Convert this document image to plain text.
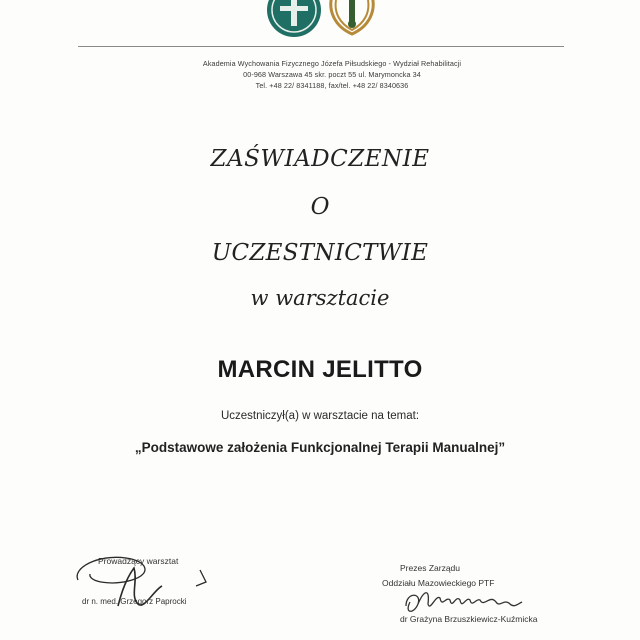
Akademia Wychowania Fizycznego Józefa Piłsudskiego - Wydział Rehabilitacji
00-968 Warszawa 45 skr. poczt 55 ul. Marymoncka 34
Tel. +48 22/ 8341188, fax/tel. +48 22/ 8340636
ZAŚWIADCZENIE
O
UCZESTNICTWIE
w warsztacie
MARCIN JELITTO
Uczestniczył(a) w warsztacie na temat:
„Podstawowe założenia Funkcjonalnej Terapii Manualnej”
Prowadzący warsztat
dr n. med. Grzegorz Paprocki
Prezes Zarządu
Oddziału Mazowieckiego PTF
dr Grażyna Brzuszkiewicz-Kuźmicka
